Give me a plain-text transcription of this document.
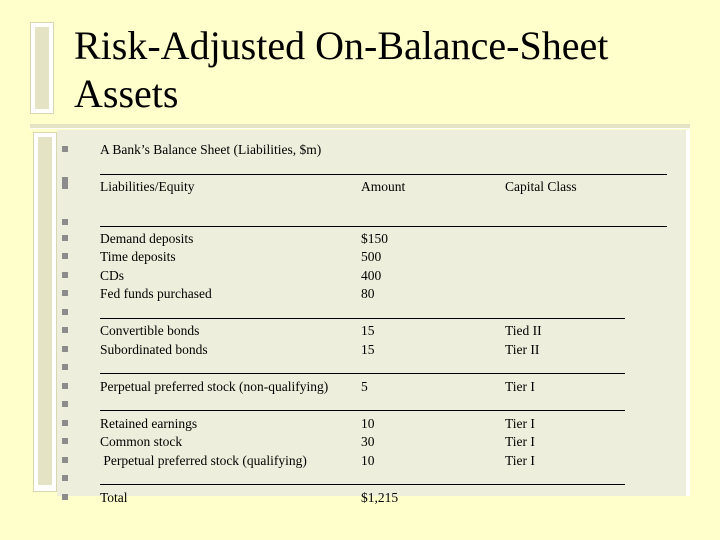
Risk-Adjusted On-Balance-Sheet
Assets
A Bank’s Balance Sheet (Liabilities, $m)
Liabilities/Equity	Amount	Capital Class
Demand deposits	$150
Time deposits	500
CDs	400
Fed funds purchased	80
Convertible bonds	15	Tied II
Subordinated bonds	15	Tier II
Perpetual preferred stock (non-qualifying) 5	Tier I
Retained earnings	10	Tier I
Common stock	30	Tier I
Perpetual preferred stock (qualifying)	10	Tier I
Total	$1,215
